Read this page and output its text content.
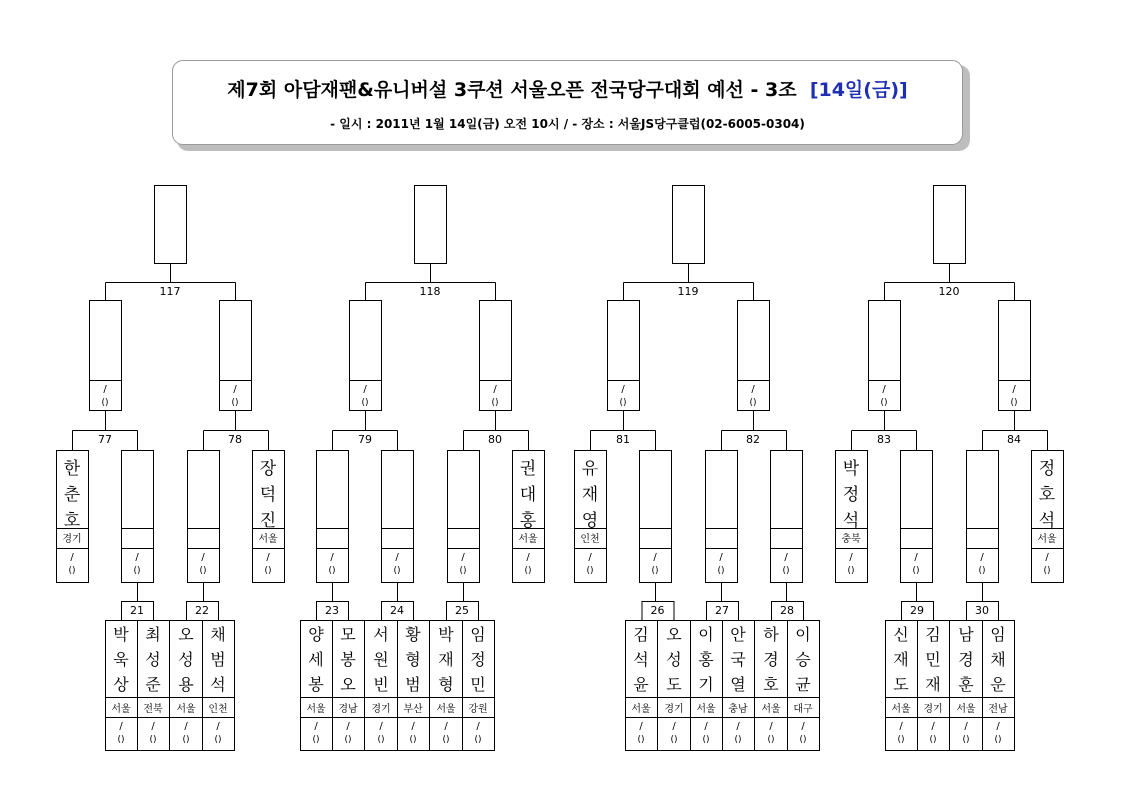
제7회 아담재팬&유니버설 3쿠션 서울오픈 전국당구대회 예선 - 3조 [14일(금)]
- 일시 : 2011년 1월 14일(금) 오전 10시 / - 장소 : 서울JS당구클럽(02-6005-0304)
117
/
()
77
/
()
78
118
/
()
79
/
()
80
119
/
()
81
/
()
82
120
/
()
83
/
()
84
/
()
한 춘 호
경기
/
()
/
()
/
()
장 덕 진
서울
/
()
/
()
/
()
/
()
권 대 홍
서울
/
()
유 재 영
인천
/
()
/
()
/
()
/
()
박 정 석
충북
/
()
/
()
/
()
정 호 석
서울
21
박 욱 상
서울
/
()
최 성 준
전북
/
()
22
오 성 용
서울
/
()
채 범 석
인천
/
()
23
양 세 봉
서울
/
()
모 봉 오
경남
/
()
24
서 원 빈
경기
/
()
황 형 범
부산
/
()
25
박 재 형
서울
/
()
임 정 민
강원
/
()
26
김 석 윤
서울
/
()
오 성 도
경기
/
()
27
이 홍 기
서울
/
()
안 국 열
충남
/
()
28
하 경 호
서울
/
()
이 승 균
대구
/
()
29
신 재 도
서울
/
()
김 민 재
경기
/
()
30
남 경 훈
서울
/
()
임 채 운
전남
/
()
